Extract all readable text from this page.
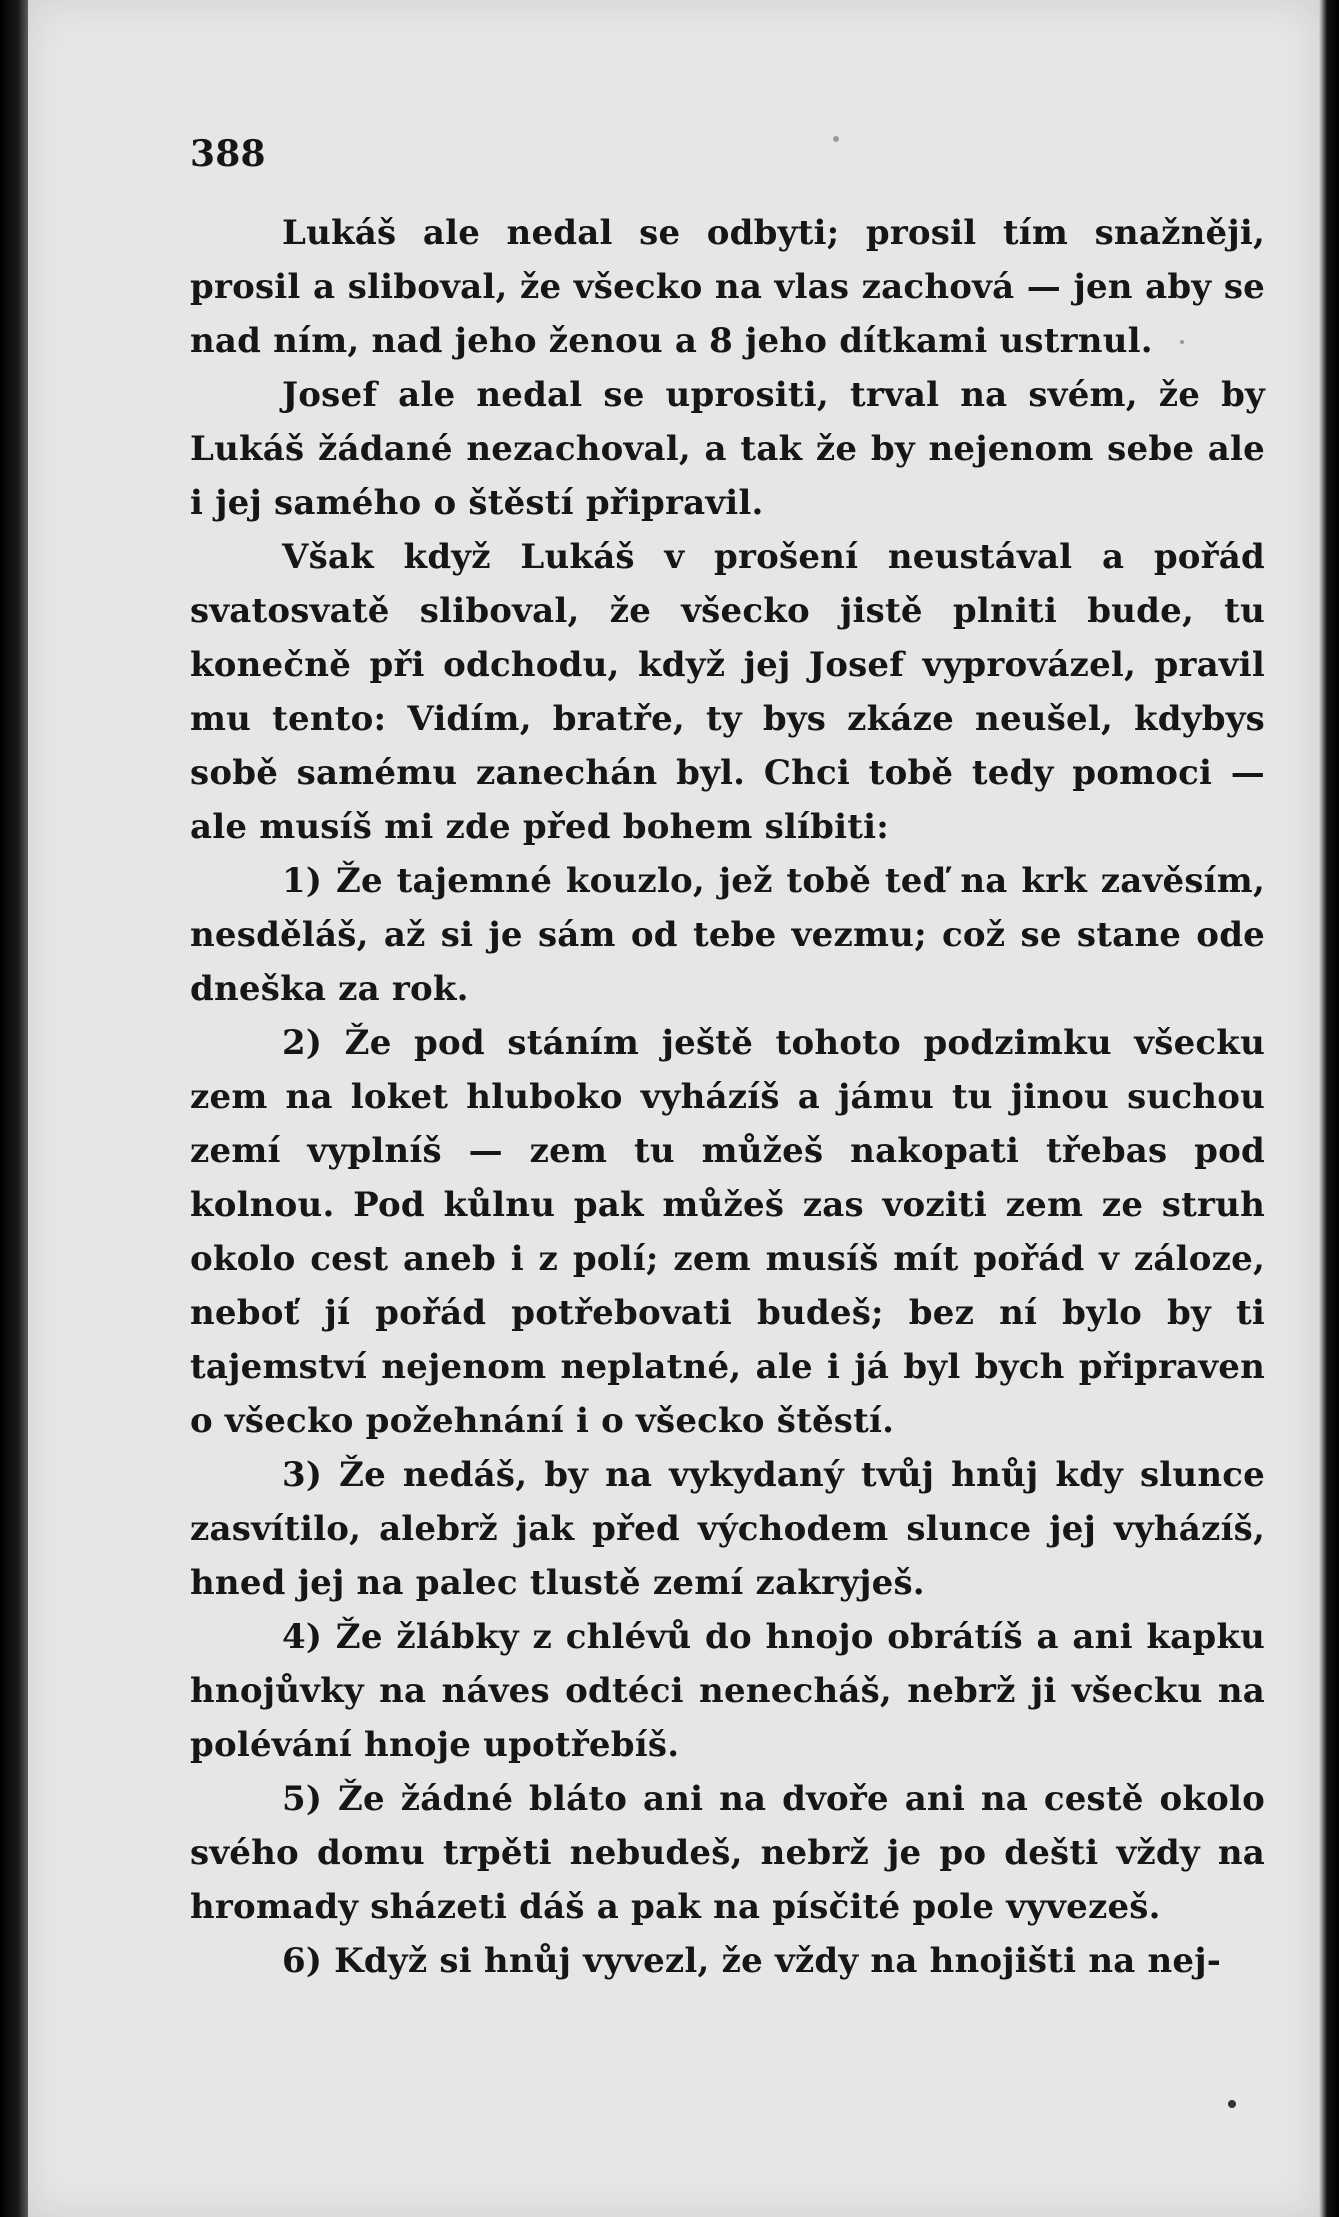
388

Lukáš ale nedal se odbyti; prosil tím snažněji, prosil a sliboval, že všecko na vlas zachová — jen aby se nad ním, nad jeho ženou a 8 jeho dítkami ustrnul.

Josef ale nedal se uprositi, trval na svém, že by Lukáš žádané nezachoval, a tak že by nejenom sebe ale i jej samého o štěstí připravil.

Však když Lukáš v prošení neustával a pořád svatosvatě sliboval, že všecko jistě plniti bude, tu konečně při odchodu, když jej Josef vyprovázel, pravil mu tento: Vidím, bratře, ty bys zkáze neušel, kdybys sobě samému zanechán byl. Chci tobě tedy pomoci — ale musíš mi zde před bohem slíbiti:

1) Že tajemné kouzlo, jež tobě teď na krk zavěsím, nesděláš, až si je sám od tebe vezmu; což se stane ode dneška za rok.

2) Že pod stáním ještě tohoto podzimku všecku zem na loket hluboko vyházíš a jámu tu jinou suchou zemí vyplníš — zem tu můžeš nakopati třebas pod kolnou. Pod kůlnu pak můžeš zas voziti zem ze struh okolo cest aneb i z polí; zem musíš mít pořád v záloze, neboť jí pořád potřebovati budeš; bez ní bylo by ti tajemství nejenom neplatné, ale i já byl bych připraven o všecko požehnání i o všecko štěstí.

3) Že nedáš, by na vykydaný tvůj hnůj kdy slunce zasvítilo, alebrž jak před východem slunce jej vyházíš, hned jej na palec tlustě zemí zakryješ.

4) Že žlábky z chlévů do hnojo obrátíš a ani kapku hnojůvky na náves odtéci nenecháš, nebrž ji všecku na polévání hnoje upotřebíš.

5) Že žádné bláto ani na dvoře ani na cestě okolo svého domu trpěti nebudeš, nebrž je po dešti vždy na hromady sházeti dáš a pak na písčité pole vyvezeš.

6) Když si hnůj vyvezl, že vždy na hnojišti na nej-
